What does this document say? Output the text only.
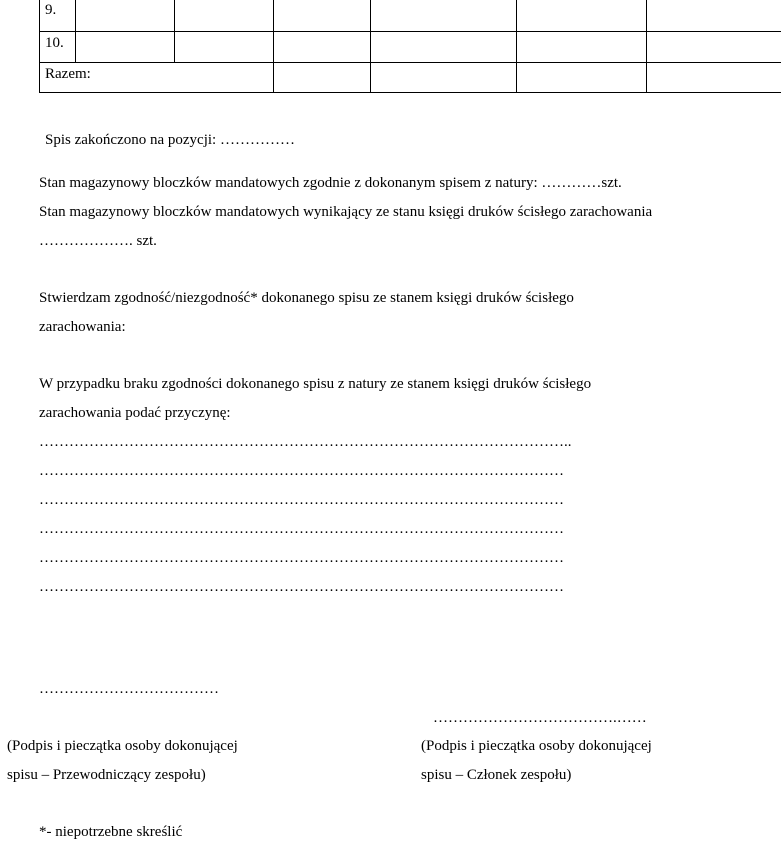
9.						
10.						
Razem:						
Spis zakończono na pozycji: ……………
Stan magazynowy bloczków mandatowych zgodnie z dokonanym spisem z natury: …………szt.
Stan magazynowy bloczków mandatowych wynikający ze stanu księgi druków ścisłego zarachowania
………………. szt.
Stwierdzam zgodność/niezgodność* dokonanego spisu ze stanem księgi druków ścisłego
zarachowania:
W przypadku braku zgodności dokonanego spisu z natury ze stanem księgi druków ścisłego
zarachowania podać przyczynę:
……………………………………………………………………………………………..
……………………………………………………………………………………………
……………………………………………………………………………………………
……………………………………………………………………………………………
……………………………………………………………………………………………
……………………………………………………………………………………………
………………………………
(Podpis i pieczątka osoby dokonującej
spisu – Przewodniczący zespołu)
……………………………….……
(Podpis i pieczątka osoby dokonującej
spisu – Członek zespołu)
*- niepotrzebne skreślić
